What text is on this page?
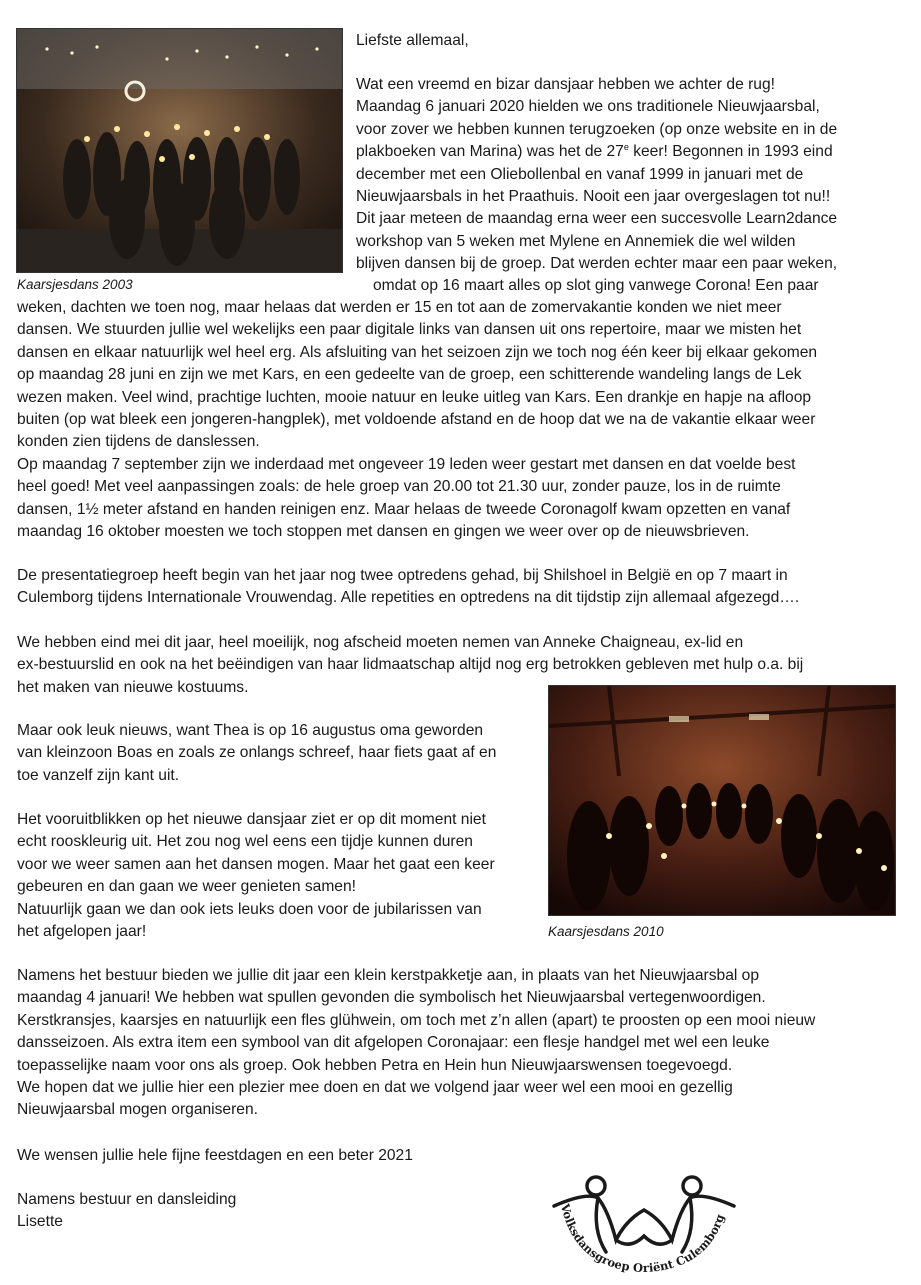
Kaarsjesdans 2003
Liefste allemaal,
Wat een vreemd en bizar dansjaar hebben we achter de rug!
Maandag 6 januari 2020 hielden we ons traditionele Nieuwjaarsbal,
voor zover we hebben kunnen terugzoeken (op onze website en in de
plakboeken van Marina) was het de 27e keer! Begonnen in 1993 eind
december met een Oliebollenbal en vanaf 1999 in januari met de
Nieuwjaarsbals in het Praathuis. Nooit een jaar overgeslagen tot nu!!
Dit jaar meteen de maandag erna weer een succesvolle Learn2dance
workshop van 5 weken met Mylene en Annemiek die wel wilden
blijven dansen bij de groep. Dat werden echter maar een paar weken,
omdat op 16 maart alles op slot ging vanwege Corona! Een paar
weken, dachten we toen nog, maar helaas dat werden er 15 en tot aan de zomervakantie konden we niet meer
dansen. We stuurden jullie wel wekelijks een paar digitale links van dansen uit ons repertoire, maar we misten het
dansen en elkaar natuurlijk wel heel erg. Als afsluiting van het seizoen zijn we toch nog één keer bij elkaar gekomen
op maandag 28 juni en zijn we met Kars, en een gedeelte van de groep, een schitterende wandeling langs de Lek
wezen maken. Veel wind, prachtige luchten, mooie natuur en leuke uitleg van Kars. Een drankje en hapje na afloop
buiten (op wat bleek een jongeren-hangplek), met voldoende afstand en de hoop dat we na de vakantie elkaar weer
konden zien tijdens de danslessen.
Op maandag 7 september zijn we inderdaad met ongeveer 19 leden weer gestart met dansen en dat voelde best
heel goed! Met veel aanpassingen zoals: de hele groep van 20.00 tot 21.30 uur, zonder pauze, los in de ruimte
dansen, 1½ meter afstand en handen reinigen enz. Maar helaas de tweede Coronagolf kwam opzetten en vanaf
maandag 16 oktober moesten we toch stoppen met dansen en gingen we weer over op de nieuwsbrieven.
De presentatiegroep heeft begin van het jaar nog twee optredens gehad, bij Shilshoel in België en op 7 maart in
Culemborg tijdens Internationale Vrouwendag. Alle repetities en optredens na dit tijdstip zijn allemaal afgezegd….
We hebben eind mei dit jaar, heel moeilijk, nog afscheid moeten nemen van Anneke Chaigneau, ex-lid en
ex-bestuurslid en ook na het beëindigen van haar lidmaatschap altijd nog erg betrokken gebleven met hulp o.a. bij
het maken van nieuwe kostuums.
Kaarsjesdans 2010
Maar ook leuk nieuws, want Thea is op 16 augustus oma geworden
van kleinzoon Boas en zoals ze onlangs schreef, haar fiets gaat af en
toe vanzelf zijn kant uit.
Het vooruitblikken op het nieuwe dansjaar ziet er op dit moment niet
echt rooskleurig uit. Het zou nog wel eens een tijdje kunnen duren
voor we weer samen aan het dansen mogen. Maar het gaat een keer
gebeuren en dan gaan we weer genieten samen!
Natuurlijk gaan we dan ook iets leuks doen voor de jubilarissen van
het afgelopen jaar!
Namens het bestuur bieden we jullie dit jaar een klein kerstpakketje aan, in plaats van het Nieuwjaarsbal op
maandag 4 januari! We hebben wat spullen gevonden die symbolisch het Nieuwjaarsbal vertegenwoordigen.
Kerstkransjes, kaarsjes en natuurlijk een fles glühwein, om toch met z’n allen (apart) te proosten op een mooi nieuw
dansseizoen. Als extra item een symbool van dit afgelopen Coronajaar: een flesje handgel met wel een leuke
toepasselijke naam voor ons als groep. Ook hebben Petra en Hein hun Nieuwjaarswensen toegevoegd.
We hopen dat we jullie hier een plezier mee doen en dat we volgend jaar weer wel een mooi en gezellig
Nieuwjaarsbal mogen organiseren.
We wensen jullie hele fijne feestdagen en een beter 2021
Namens bestuur en dansleiding
Lisette
Volksdansgroep Oriënt Culemborg
